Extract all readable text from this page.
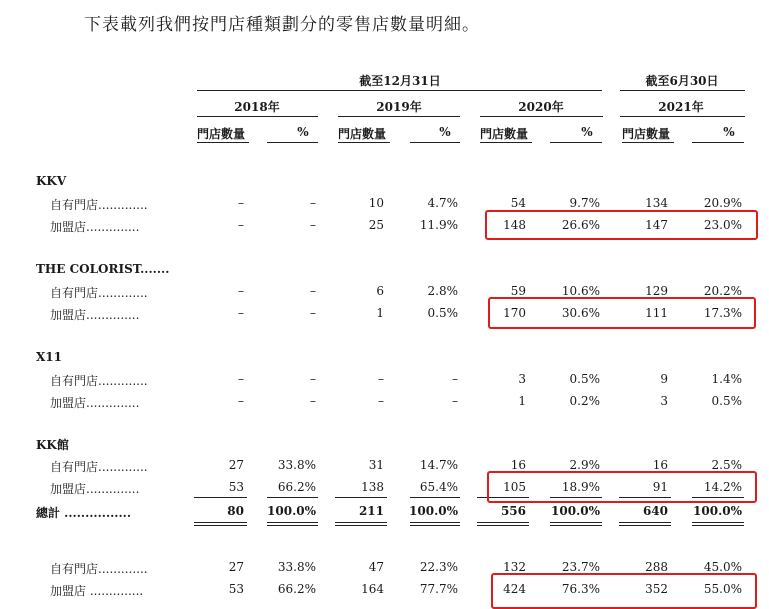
下表載列我們按門店種類劃分的零售店數量明細。
截至12月31日	截至6月30日
2018年	2019年	2020年	2021年
門店數量	%	門店數量	%	門店數量	%	門店數量	%
KKV
自有門店.............	–	–	10	4.7%	54	9.7%	134	20.9%
加盟店..............	–	–	25	11.9%	148	26.6%	147	23.0%
THE COLORIST.......
自有門店.............	–	–	6	2.8%	59	10.6%	129	20.2%
加盟店..............	–	–	1	0.5%	170	30.6%	111	17.3%
X11
自有門店.............	–	–	–	–	3	0.5%	9	1.4%
加盟店..............	–	–	–	–	1	0.2%	3	0.5%
KK館
自有門店.............	27	33.8%	31	14.7%	16	2.9%	16	2.5%
加盟店..............	53	66.2%	138	65.4%	105	18.9%	91	14.2%
總計 ................	80	100.0%	211	100.0%	556	100.0%	640	100.0%
自有門店.............	27	33.8%	47	22.3%	132	23.7%	288	45.0%
加盟店 ..............	53	66.2%	164	77.7%	424	76.3%	352	55.0%
